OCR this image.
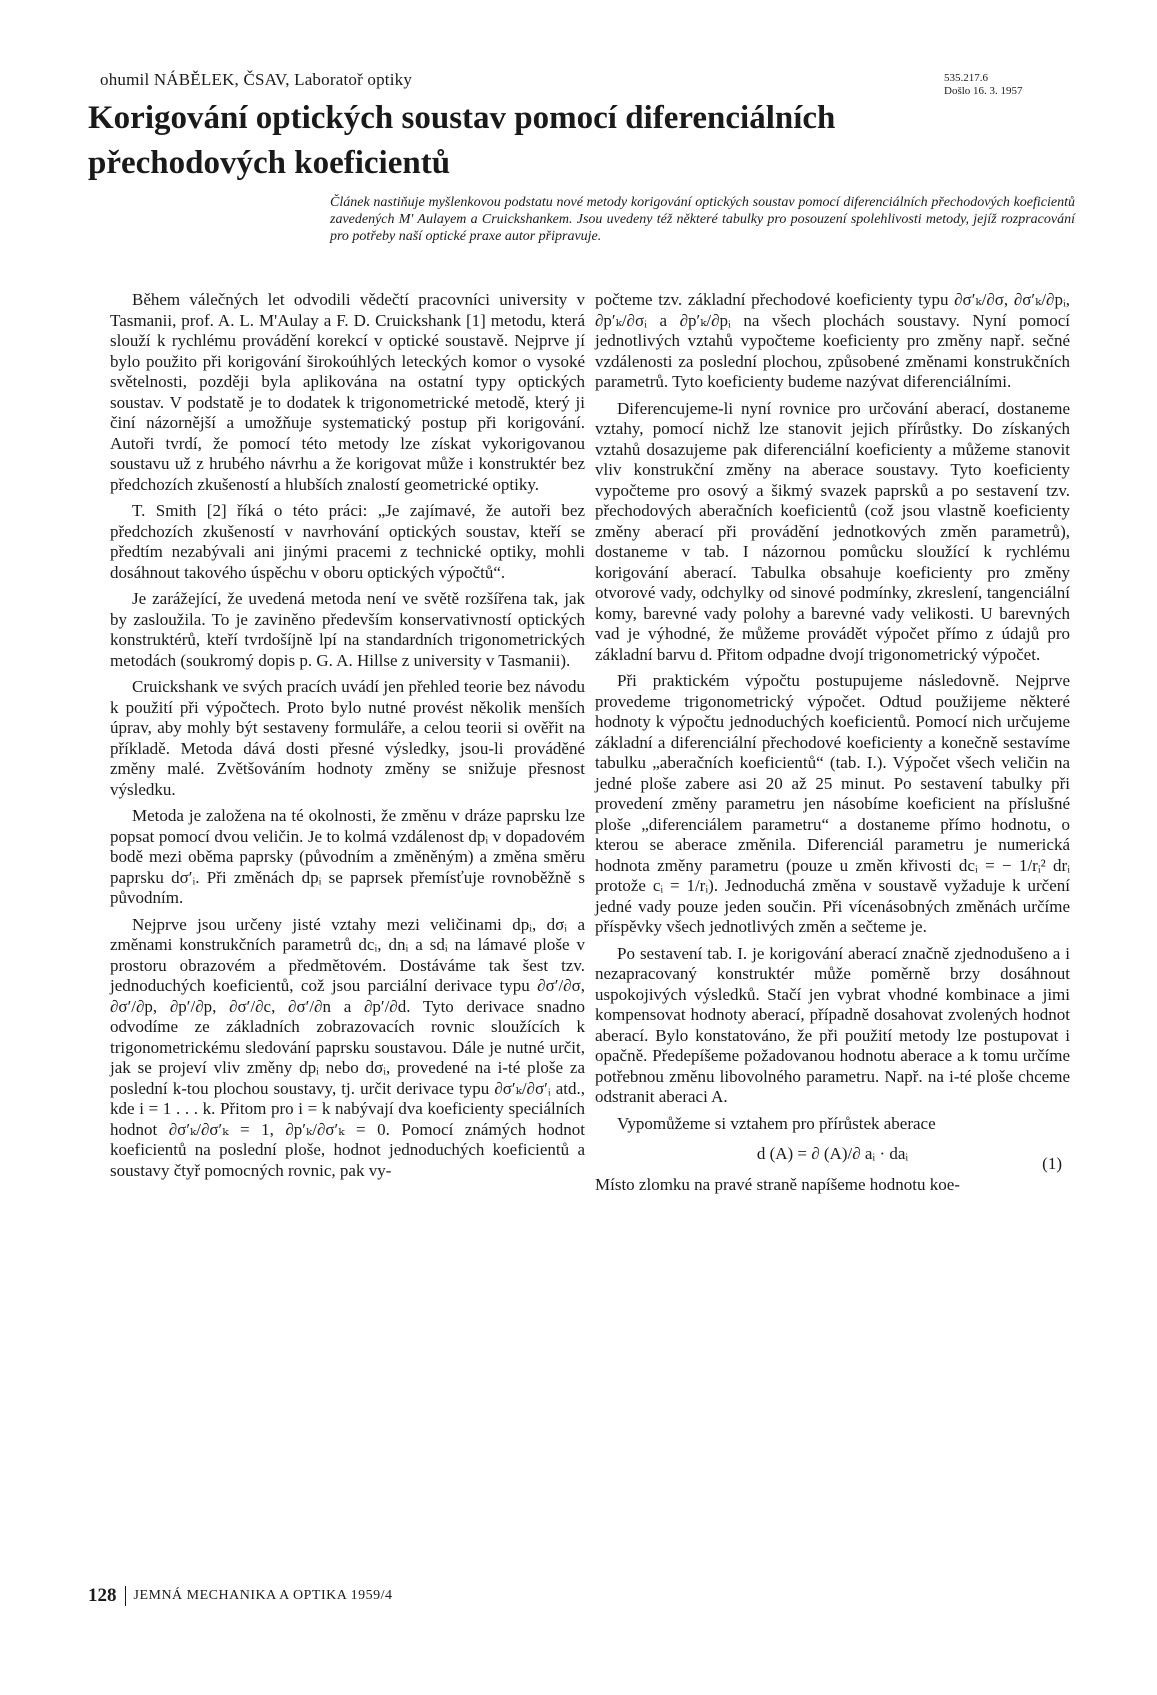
ohumil NÁBĚLEK, ČSAV, Laboratoř optiky	535.217.6
Došlo 16. 3. 1957
Korigování optických soustav pomocí diferenciálních přechodových koeficientů
Článek nastiňuje myšlenkovou podstatu nové metody korigování optických soustav pomocí diferenciálních přechodových koeficientů zavedených M' Aulayem a Cruickshankem. Jsou uvedeny též některé tabulky pro posouzení spolehlivosti metody, jejíž rozpracování pro potřeby naší optické praxe autor připravuje.

Během válečných let odvodili vědečtí pracovníci university v Tasmanii, prof. A. L. M'Aulay a F. D. Cruickshank [1] metodu, která slouží k rychlému provádění korekcí v optické soustavě. Nejprve jí bylo použito při korigování širokoúhlých leteckých komor o vysoké světelnosti, později byla aplikována na ostatní typy optických soustav. V podstatě je to dodatek k trigonometrické metodě, který ji činí názornější a umožňuje systematický postup při korigování. Autoři tvrdí, že pomocí této metody lze získat vykorigovanou soustavu už z hrubého návrhu a že korigovat může i konstruktér bez předchozích zkušeností a hlubších znalostí geometrické optiky.

T. Smith [2] říká o této práci: „Je zajímavé, že autoři bez předchozích zkušeností v navrhování optických soustav, kteří se předtím nezabývali ani jinými pracemi z technické optiky, mohli dosáhnout takového úspěchu v oboru optických výpočtů“.

Je zarážející, že uvedená metoda není ve světě rozšířena tak, jak by zasloužila. To je zaviněno především konservativností optických konstruktérů, kteří tvrdošíjně lpí na standardních trigonometrických metodách (soukromý dopis p. G. A. Hillse z university v Tasmanii).

Cruickshank ve svých pracích uvádí jen přehled teorie bez návodu k použití při výpočtech. Proto bylo nutné provést několik menších úprav, aby mohly být sestaveny formuláře, a celou teorii si ověřit na příkladě. Metoda dává dosti přesné výsledky, jsou-li prováděné změny malé. Zvětšováním hodnoty změny se snižuje přesnost výsledku.

Metoda je založena na té okolnosti, že změnu v dráze paprsku lze popsat pomocí dvou veličin. Je to kolmá vzdálenost dpᵢ v dopadovém bodě mezi oběma paprsky (původním a změněným) a změna směru paprsku dσ′ᵢ. Při změnách dpᵢ se paprsek přemísťuje rovnoběžně s původním.

Nejprve jsou určeny jisté vztahy mezi veličinami dpᵢ, dσᵢ a změnami konstrukčních parametrů dcᵢ, dnᵢ a sdᵢ na lámavé ploše v prostoru obrazovém a předmětovém. Dostáváme tak šest tzv. jednoduchých koeficientů, což jsou parciální derivace typu ∂σ′/∂σ, ∂σ′/∂p, ∂p′/∂p, ∂σ′/∂c, ∂σ′/∂n a ∂p′/∂d. Tyto derivace snadno odvodíme ze základních zobrazovacích rovnic sloužících k trigonometrickému sledování paprsku soustavou. Dále je nutné určit, jak se projeví vliv změny dpᵢ nebo dσᵢ, provedené na i-té ploše za poslední k-tou plochou soustavy, tj. určit derivace typu ∂σ′ₖ/∂σ′ᵢ atd., kde i = 1 . . . k. Přitom pro i = k nabývají dva koeficienty speciálních hodnot ∂σ′ₖ/∂σ′ₖ = 1, ∂p′ₖ/∂σ′ₖ = 0. Pomocí známých hodnot koeficientů na poslední ploše, hodnot jednoduchých koeficientů a soustavy čtyř pomocných rovnic, pak vy-

počteme tzv. základní přechodové koeficienty typu ∂σ′ₖ/∂σ, ∂σ′ₖ/∂pᵢ, ∂p′ₖ/∂σᵢ a ∂p′ₖ/∂pᵢ na všech plochách soustavy. Nyní pomocí jednotlivých vztahů vypočteme koeficienty pro změny např. sečné vzdálenosti za poslední plochou, způsobené změnami konstrukčních parametrů. Tyto koeficienty budeme nazývat diferenciálními.

Diferencujeme-li nyní rovnice pro určování aberací, dostaneme vztahy, pomocí nichž lze stanovit jejich přírůstky. Do získaných vztahů dosazujeme pak diferenciální koeficienty a můžeme stanovit vliv konstrukční změny na aberace soustavy. Tyto koeficienty vypočteme pro osový a šikmý svazek paprsků a po sestavení tzv. přechodových aberačních koeficientů (což jsou vlastně koeficienty změny aberací při provádění jednotkových změn parametrů), dostaneme v tab. I názornou pomůcku sloužící k rychlému korigování aberací. Tabulka obsahuje koeficienty pro změny otvorové vady, odchylky od sinové podmínky, zkreslení, tangenciální komy, barevné vady polohy a barevné vady velikosti. U barevných vad je výhodné, že můžeme provádět výpočet přímo z údajů pro základní barvu d. Přitom odpadne dvojí trigonometrický výpočet.

Při praktickém výpočtu postupujeme následovně. Nejprve provedeme trigonometrický výpočet. Odtud použijeme některé hodnoty k výpočtu jednoduchých koeficientů. Pomocí nich určujeme základní a diferenciální přechodové koeficienty a konečně sestavíme tabulku „aberačních koeficientů“ (tab. I.). Výpočet všech veličin na jedné ploše zabere asi 20 až 25 minut. Po sestavení tabulky při provedení změny parametru jen násobíme koeficient na příslušné ploše „diferenciálem parametru“ a dostaneme přímo hodnotu, o kterou se aberace změnila. Diferenciál parametru je numerická hodnota změny parametru (pouze u změn křivosti dcᵢ = − 1/rᵢ² drᵢ protože cᵢ = 1/rᵢ). Jednoduchá změna v soustavě vyžaduje k určení jedné vady pouze jeden součin. Při vícenásobných změnách určíme příspěvky všech jednotlivých změn a sečteme je.

Po sestavení tab. I. je korigování aberací značně zjednodušeno a i nezapracovaný konstruktér může poměrně brzy dosáhnout uspokojivých výsledků. Stačí jen vybrat vhodné kombinace a jimi kompensovat hodnoty aberací, případně dosahovat zvolených hodnot aberací. Bylo konstatováno, že při použití metody lze postupovat i opačně. Předepíšeme požadovanou hodnotu aberace a k tomu určíme potřebnou změnu libovolného parametru. Např. na i-té ploše chceme odstranit aberaci A.

Vypomůžeme si vztahem pro přírůstek aberace

d (A) = ∂ (A)/∂ aᵢ · daᵢ
(1)

Místo zlomku na pravé straně napíšeme hodnotu koe-

128 JEMNÁ MECHANIKA A OPTIKA 1959/4
